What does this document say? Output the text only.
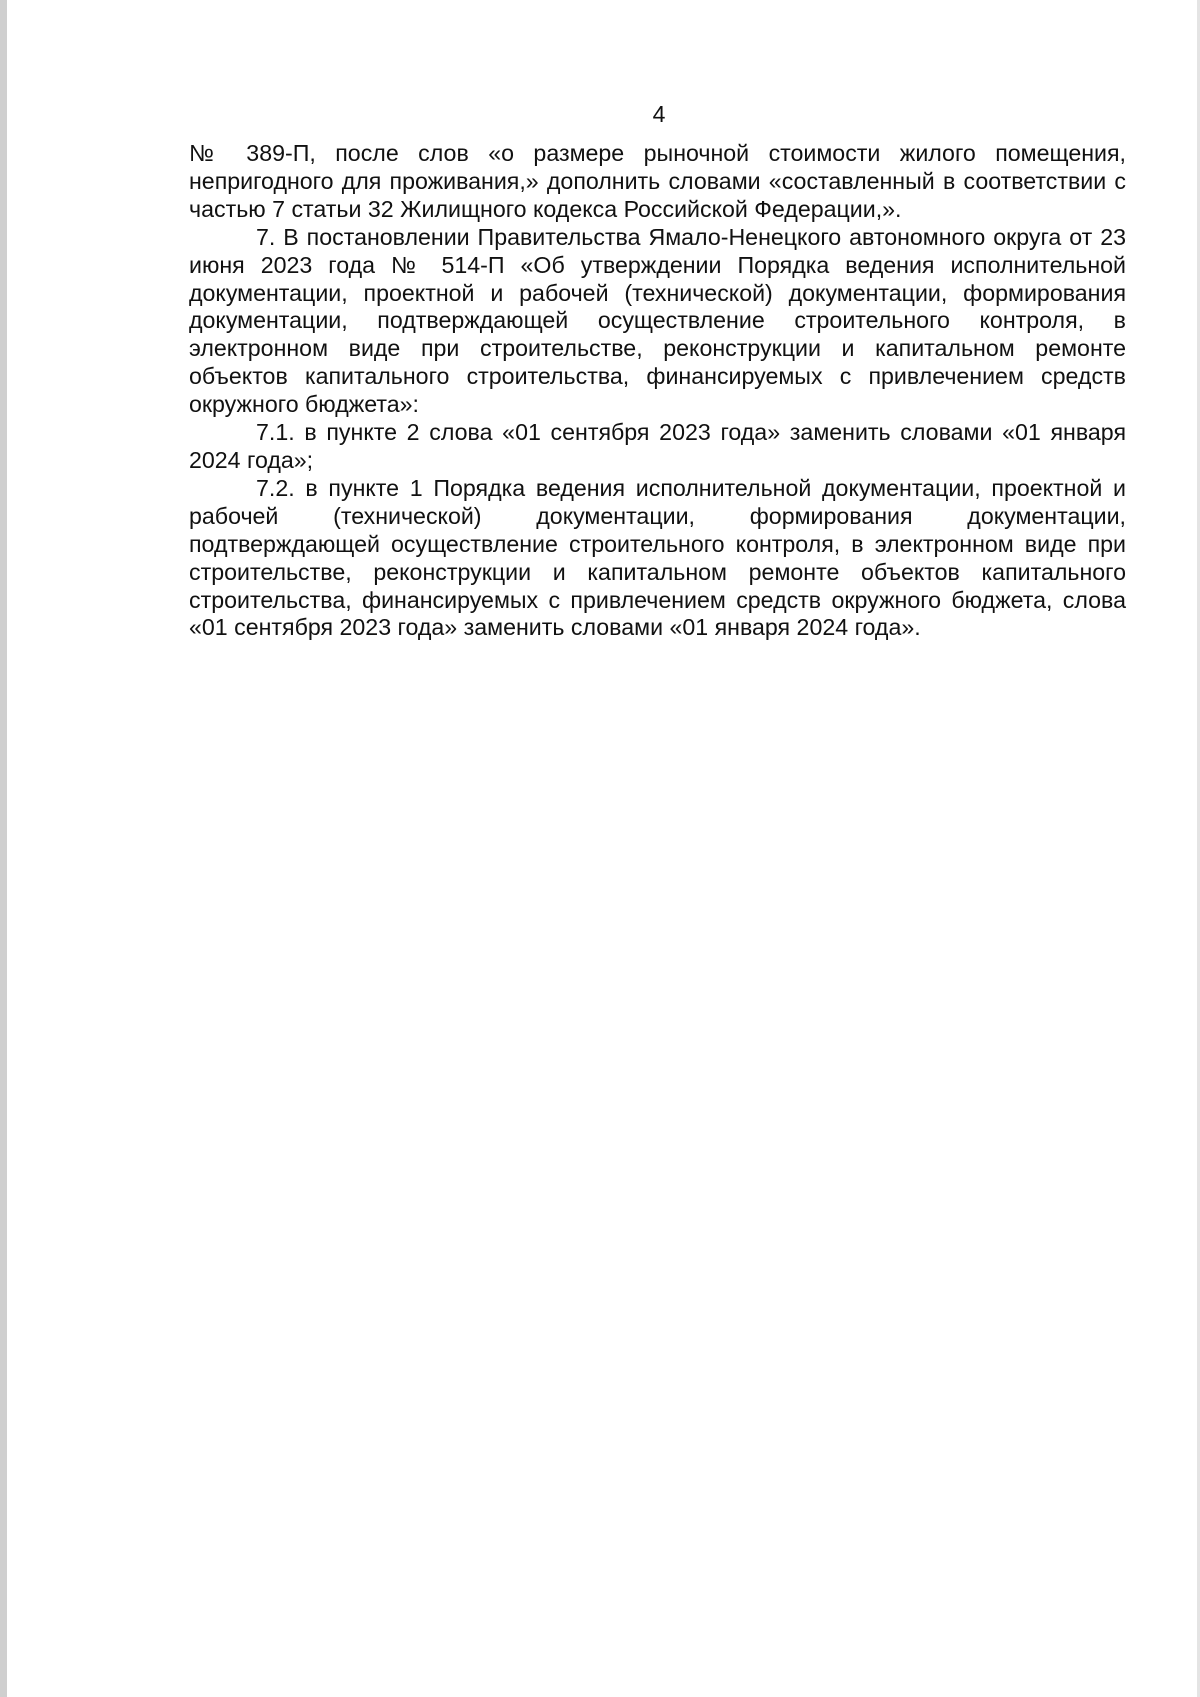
4

№ 389-П, после слов «о размере рыночной стоимости жилого помещения, непригодного для проживания,» дополнить словами «составленный в соответствии с частью 7 статьи 32 Жилищного кодекса Российской Федерации,».

7. В постановлении Правительства Ямало-Ненецкого автономного округа от 23 июня 2023 года № 514-П «Об утверждении Порядка ведения исполнительной документации, проектной и рабочей (технической) документации, формирования документации, подтверждающей осуществление строительного контроля, в электронном виде при строительстве, реконструкции и капитальном ремонте объектов капитального строительства, финансируемых с привлечением средств окружного бюджета»:

7.1. в пункте 2 слова «01 сентября 2023 года» заменить словами «01 января 2024 года»;

7.2. в пункте 1 Порядка ведения исполнительной документации, проектной и рабочей (технической) документации, формирования документации, подтверждающей осуществление строительного контроля, в электронном виде при строительстве, реконструкции и капитальном ремонте объектов капитального строительства, финансируемых с привлечением средств окружного бюджета, слова «01 сентября 2023 года» заменить словами «01 января 2024 года».
